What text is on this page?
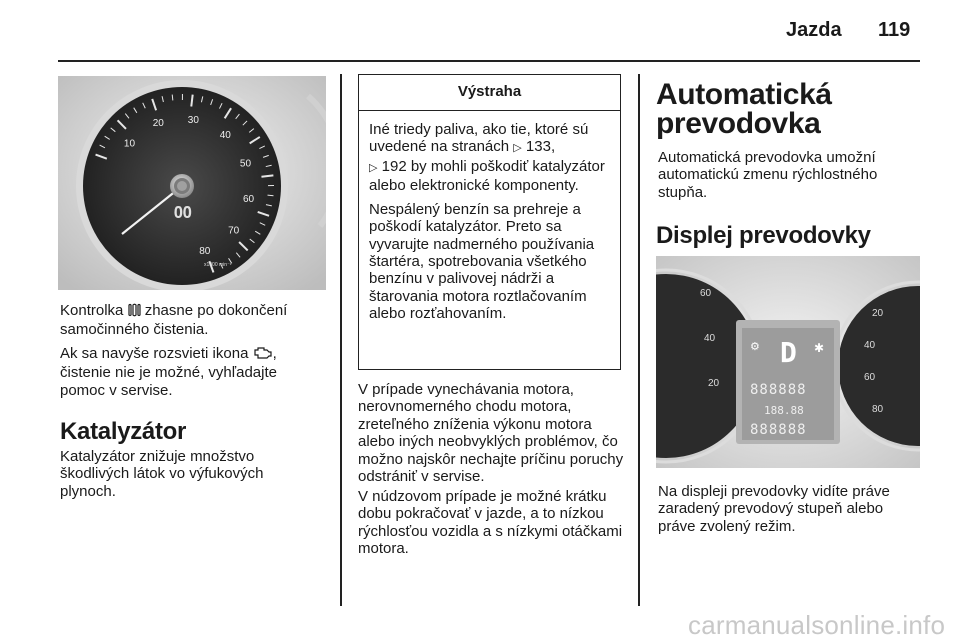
Jazda 119
10
20 30
40
50
60
70
80
𝟎𝟎
x1000 min⁻¹

Kontrolka  zhasne po dokončení samočinného čistenia.

Ak sa navyše rozsvieti ikona , čistenie nie je možné, vyhľadajte pomoc v servise.

Katalyzátor

Katalyzátor znižuje množstvo škodlivých látok vo výfukových plynoch.

Výstraha

Iné triedy paliva, ako tie, ktoré sú uvedené na stranách ▷ 133,
▷ 192 by mohli poškodiť katalyzátor alebo elektronické komponenty.

Nespálený benzín sa prehreje a poškodí katalyzátor. Preto sa vyvarujte nadmerného používania štartéra, spotrebovania všetkého benzínu v palivovej nádrži a štarovania motora roztlačovaním alebo rozťahovaním.

V prípade vynechávania motora, nerovnomerného chodu motora, zreteľného zníženia výkonu motora alebo iných neobvyklých problémov, čo možno najskôr nechajte príčinu poruchy odstrániť v servise.

V núdzovom prípade je možné krátku dobu pokračovať v jazde, a to nízkou rýchlosťou vozidla a s nízkymi otáčkami motora.

Automatická
prevodovka

Automatická prevodovka umožní automatickú zmenu rýchlostného stupňa.

Displej prevodovky
60
40
20
20
40
60
80
D
⚙	✱
888888
188.88
888888

Na displeji prevodovky vidíte práve zaradený prevodový stupeň alebo práve zvolený režim.

carmanualsonline.info
